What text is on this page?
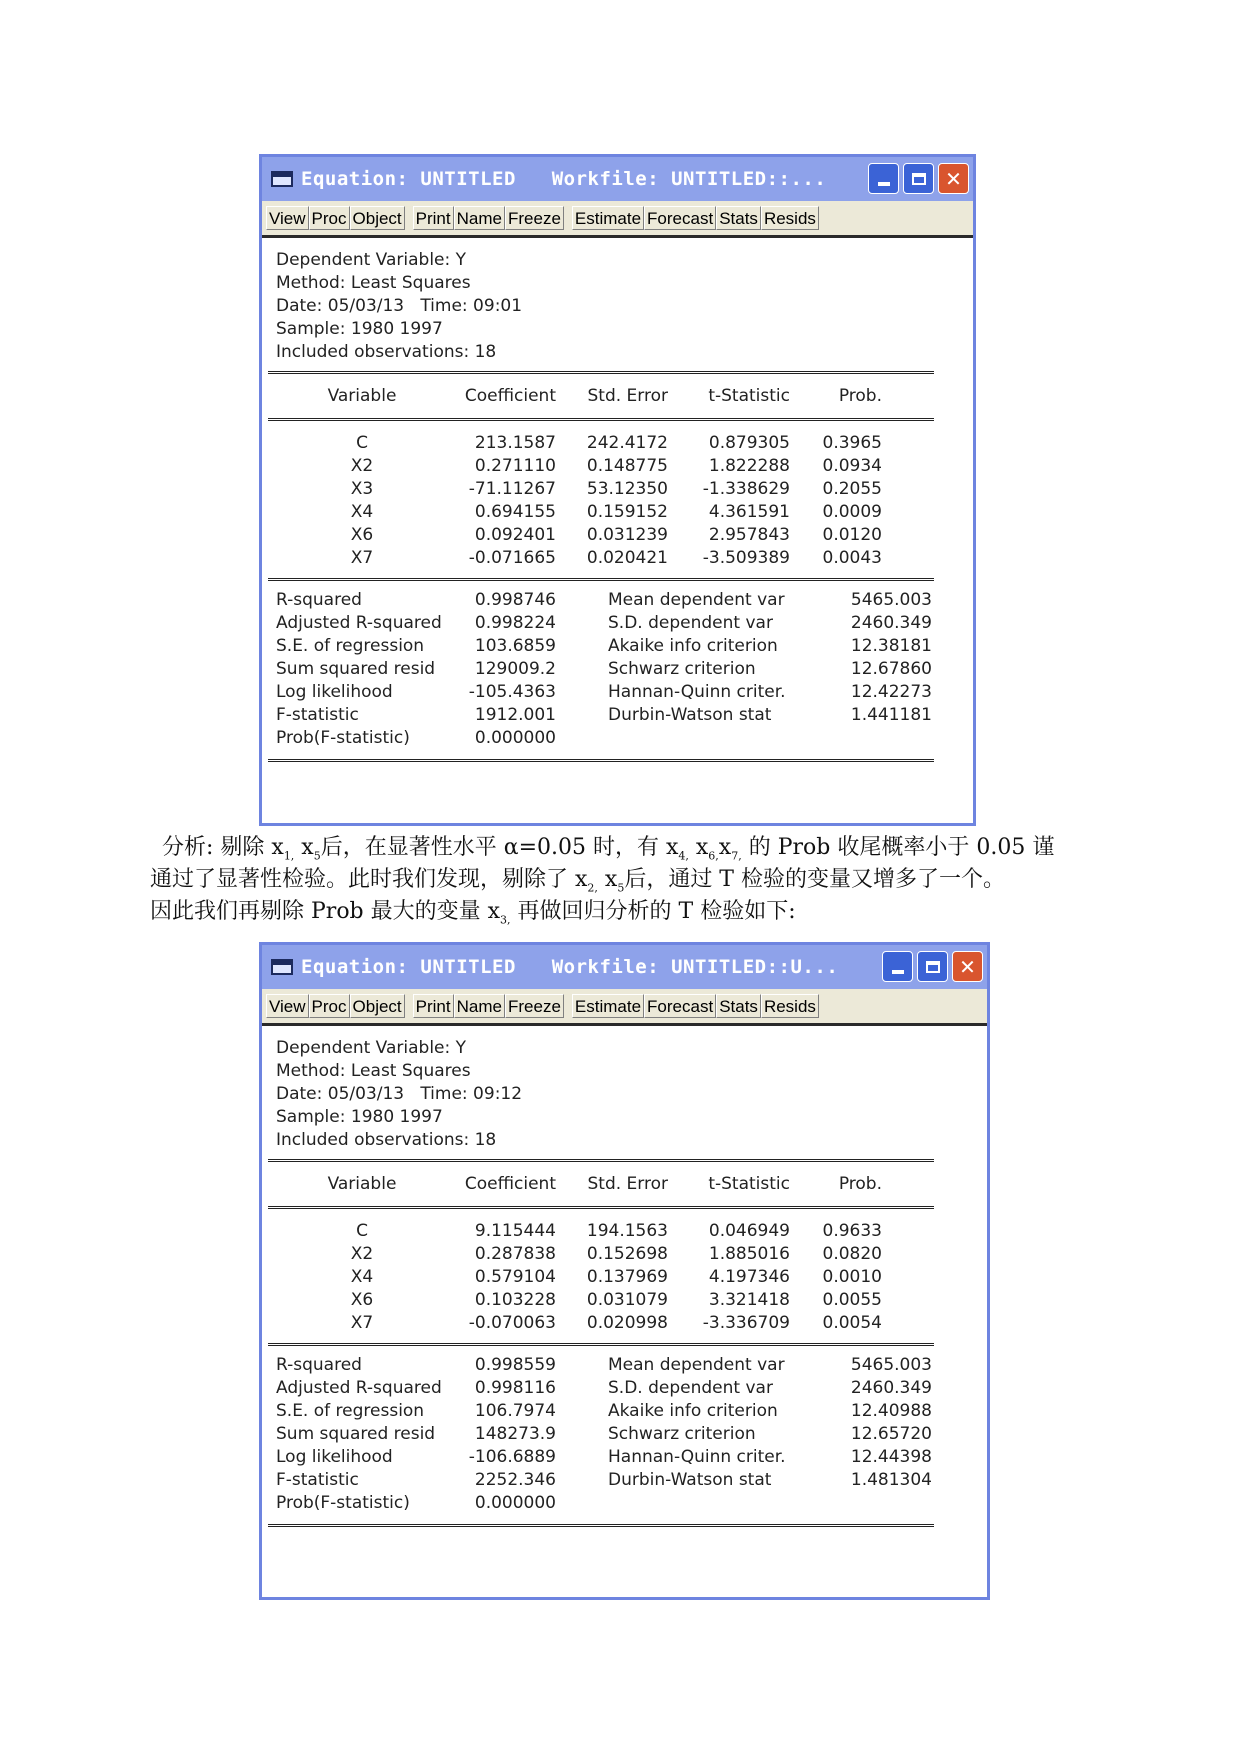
Equation: UNTITLED   Workfile: UNTITLED::...	✕
View Proc Object Print Name Freeze Estimate Forecast Stats Resids
Dependent Variable: Y
Method: Least Squares
Date: 05/03/13   Time: 09:01
Sample: 1980 1997
Included observations: 18
Variable	Coefficient	Std. Error	t-Statistic	Prob.
C	213.1587	242.4172	0.879305	0.3965
X2	0.271110	0.148775	1.822288	0.0934
X3	-71.11267	53.12350	-1.338629	0.2055
X4	0.694155	0.159152	4.361591	0.0009
X6	0.092401	0.031239	2.957843	0.0120
X7	-0.071665	0.020421	-3.509389	0.0043
R-squared	0.998746	Mean dependent var	5465.003
Adjusted R-squared	0.998224	S.D. dependent var	2460.349
S.E. of regression	103.6859	Akaike info criterion	12.38181
Sum squared resid	129009.2	Schwarz criterion	12.67860
Log likelihood	-105.4363	Hannan-Quinn criter.	12.42273
F-statistic	1912.001	Durbin-Watson stat	1.441181
Prob(F-statistic)	0.000000
分析: 剔除 $x_{1,}$ $x_5$后，在显著性水平 α=0.05 时，有 $x_{4,}$ $x_{6,}x_{7,}$ 的 Prob 收尾概率小于 0.05 谨
通过了显著性检验。此时我们发现，剔除了 $x_{2,}$ $x_5$后，通过 T 检验的变量又增多了一个。
因此我们再剔除 Prob 最大的变量 $x_{3,}$ 再做回归分析的 T 检验如下:
Equation: UNTITLED   Workfile: UNTITLED::U...	✕
View Proc Object Print Name Freeze Estimate Forecast Stats Resids
Dependent Variable: Y
Method: Least Squares
Date: 05/03/13   Time: 09:12
Sample: 1980 1997
Included observations: 18
Variable	Coefficient	Std. Error	t-Statistic	Prob.
C	9.115444	194.1563	0.046949	0.9633
X2	0.287838	0.152698	1.885016	0.0820
X4	0.579104	0.137969	4.197346	0.0010
X6	0.103228	0.031079	3.321418	0.0055
X7	-0.070063	0.020998	-3.336709	0.0054
R-squared	0.998559	Mean dependent var	5465.003
Adjusted R-squared	0.998116	S.D. dependent var	2460.349
S.E. of regression	106.7974	Akaike info criterion	12.40988
Sum squared resid	148273.9	Schwarz criterion	12.65720
Log likelihood	-106.6889	Hannan-Quinn criter.	12.44398
F-statistic	2252.346	Durbin-Watson stat	1.481304
Prob(F-statistic)	0.000000
